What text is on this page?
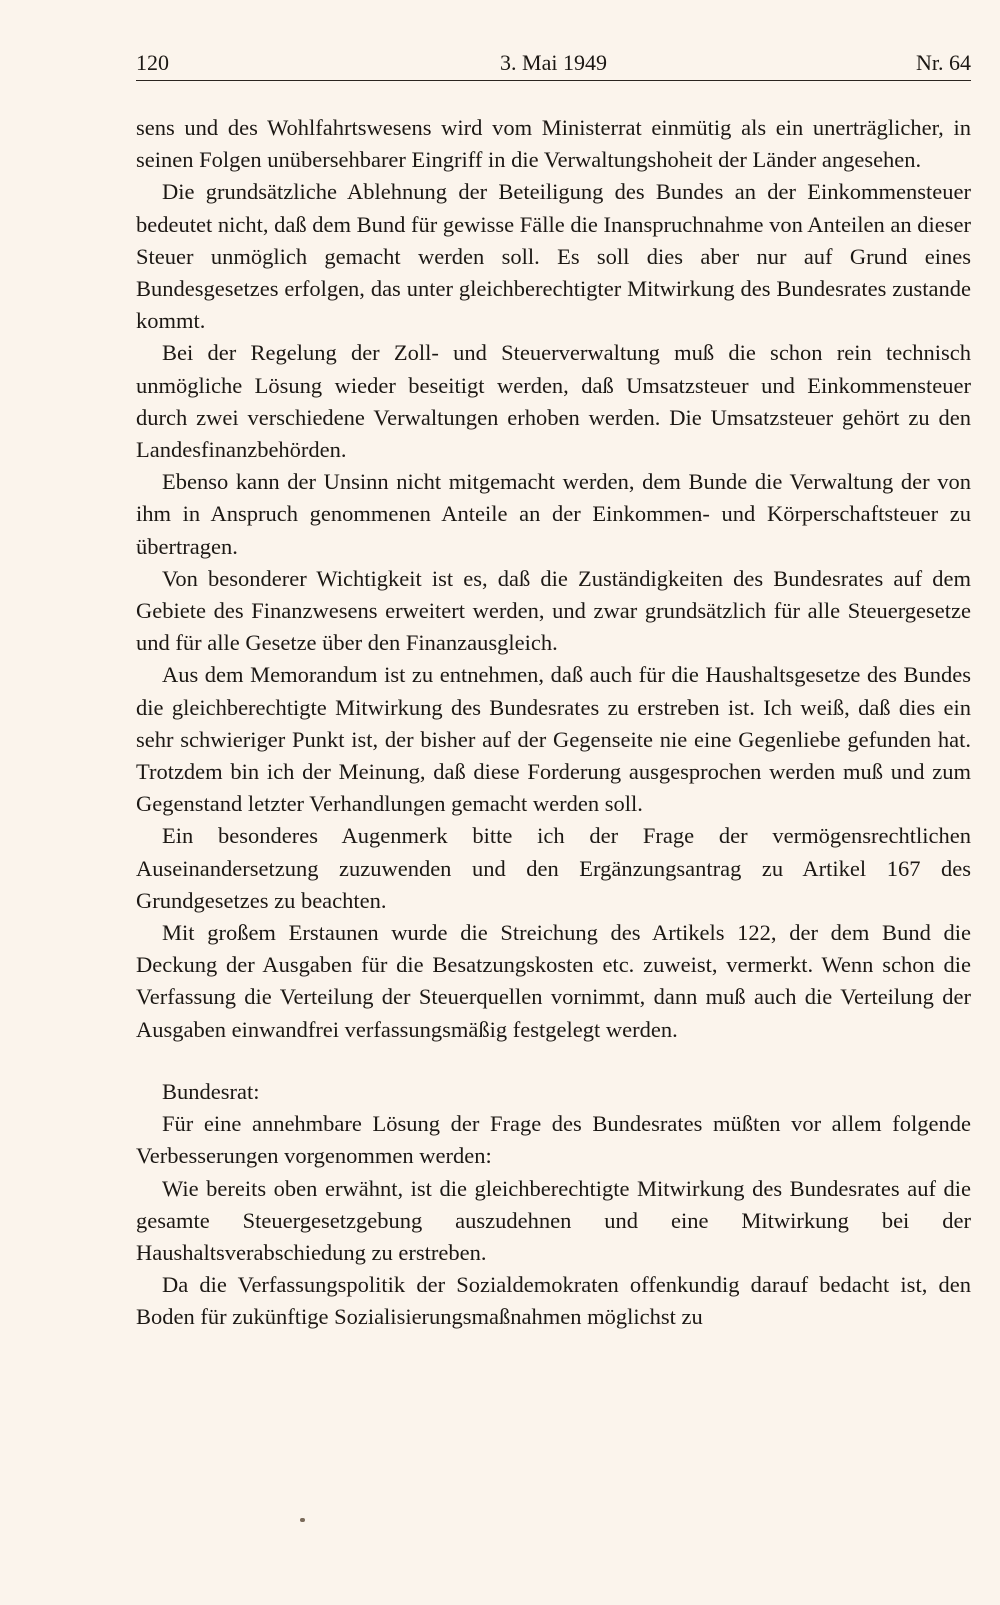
120	3. Mai 1949	Nr. 64

sens und des Wohlfahrtswesens wird vom Ministerrat einmütig als ein unerträglicher, in seinen Folgen unübersehbarer Eingriff in die Verwaltungshoheit der Länder angesehen.

Die grundsätzliche Ablehnung der Beteiligung des Bundes an der Einkommensteuer bedeutet nicht, daß dem Bund für gewisse Fälle die Inanspruchnahme von Anteilen an dieser Steuer unmöglich gemacht werden soll. Es soll dies aber nur auf Grund eines Bundesgesetzes erfolgen, das unter gleichberechtigter Mitwirkung des Bundesrates zustande kommt.

Bei der Regelung der Zoll- und Steuerverwaltung muß die schon rein technisch unmögliche Lösung wieder beseitigt werden, daß Umsatzsteuer und Einkommensteuer durch zwei verschiedene Verwaltungen erhoben werden. Die Umsatzsteuer gehört zu den Landesfinanzbehörden.

Ebenso kann der Unsinn nicht mitgemacht werden, dem Bunde die Verwaltung der von ihm in Anspruch genommenen Anteile an der Einkommen- und Körperschaftsteuer zu übertragen.

Von besonderer Wichtigkeit ist es, daß die Zuständigkeiten des Bundesrates auf dem Gebiete des Finanzwesens erweitert werden, und zwar grundsätzlich für alle Steuergesetze und für alle Gesetze über den Finanzausgleich.

Aus dem Memorandum ist zu entnehmen, daß auch für die Haushaltsgesetze des Bundes die gleichberechtigte Mitwirkung des Bundesrates zu erstreben ist. Ich weiß, daß dies ein sehr schwieriger Punkt ist, der bisher auf der Gegenseite nie eine Gegenliebe gefunden hat. Trotzdem bin ich der Meinung, daß diese Forderung ausgesprochen werden muß und zum Gegenstand letzter Verhandlungen gemacht werden soll.

Ein besonderes Augenmerk bitte ich der Frage der vermögensrechtlichen Auseinandersetzung zuzuwenden und den Ergänzungsantrag zu Artikel 167 des Grundgesetzes zu beachten.

Mit großem Erstaunen wurde die Streichung des Artikels 122, der dem Bund die Deckung der Ausgaben für die Besatzungskosten etc. zuweist, vermerkt. Wenn schon die Verfassung die Verteilung der Steuerquellen vornimmt, dann muß auch die Verteilung der Ausgaben einwandfrei verfassungsmäßig festgelegt werden.

Bundesrat:

Für eine annehmbare Lösung der Frage des Bundesrates müßten vor allem folgende Verbesserungen vorgenommen werden:

Wie bereits oben erwähnt, ist die gleichberechtigte Mitwirkung des Bundesrates auf die gesamte Steuergesetzgebung auszudehnen und eine Mitwirkung bei der Haushaltsverabschiedung zu erstreben.

Da die Verfassungspolitik der Sozialdemokraten offenkundig darauf bedacht ist, den Boden für zukünftige Sozialisierungsmaßnahmen möglichst zu
